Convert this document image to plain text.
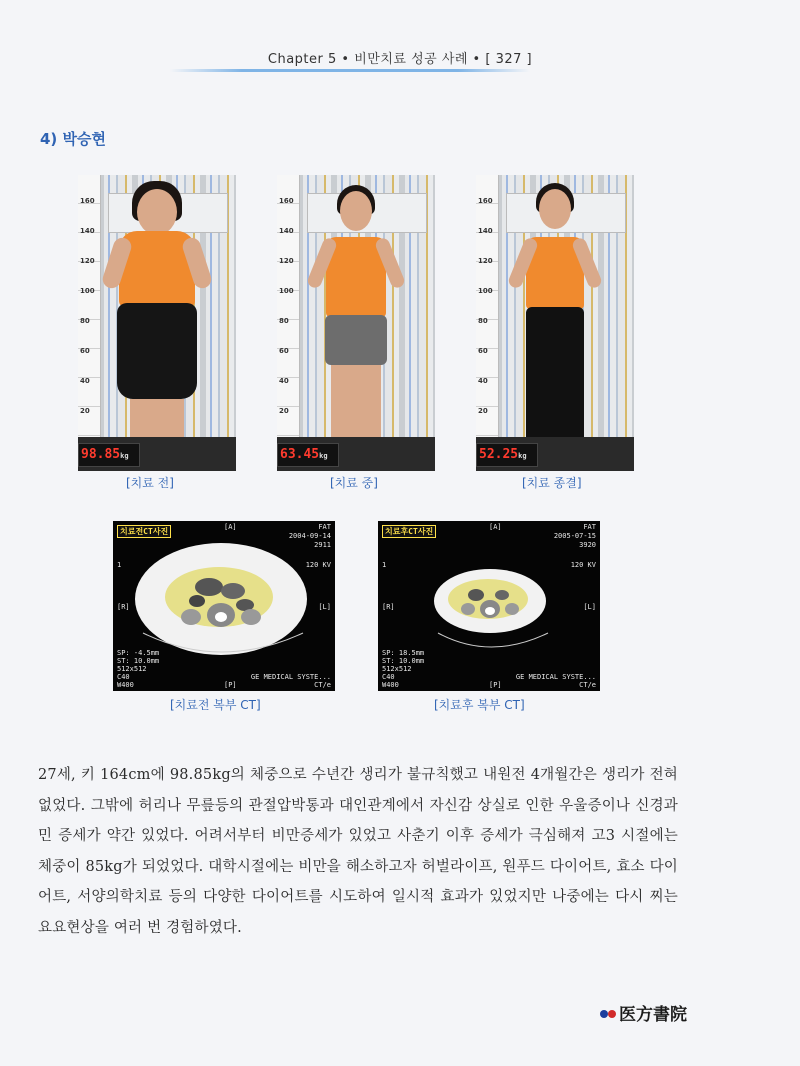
Chapter 5 • 비만치료 성공 사례 • [ 327 ]
4) 박승현
160
140
120
100
80
60
40
20
98.85kg
[치료 전]
160
140
120
100
80
60
40
20
63.45kg
[치료 중]
160
140
120
100
80
60
40
20
52.25kg
[치료 종결]
치료전CT사진	[A]	FAT
2004-09-14
2911
1	120 KV
[R]	[L]
SP: -4.5mm
ST: 10.0mm
512x512
C40
W400	[P]
GE MEDICAL SYSTE...
CT/e
[치료전 복부 CT]
치료후CT사진	[A]	FAT
2005-07-15
3920
1	120 KV
[R]	[L]
SP: 18.5mm
ST: 10.0mm
512x512
C40
W400	[P]
GE MEDICAL SYSTE...
CT/e
[치료후 복부 CT]
27세, 키 164cm에 98.85kg의 체중으로 수년간 생리가 불규칙했고 내원전 4개월간은 생리가 전혀 없었다. 그밖에 허리나 무릎등의 관절압박통과 대인관계에서 자신감 상실로 인한 우울증이나 신경과민 증세가 약간 있었다. 어려서부터 비만증세가 있었고 사춘기 이후 증세가 극심해져 고3 시절에는 체중이 85kg가 되었었다. 대학시절에는 비만을 해소하고자 허벌라이프, 원푸드 다이어트, 효소 다이어트, 서양의학치료 등의 다양한 다이어트를 시도하여 일시적 효과가 있었지만 나중에는 다시 찌는 요요현상을 여러 번 경험하였다.
医方書院
